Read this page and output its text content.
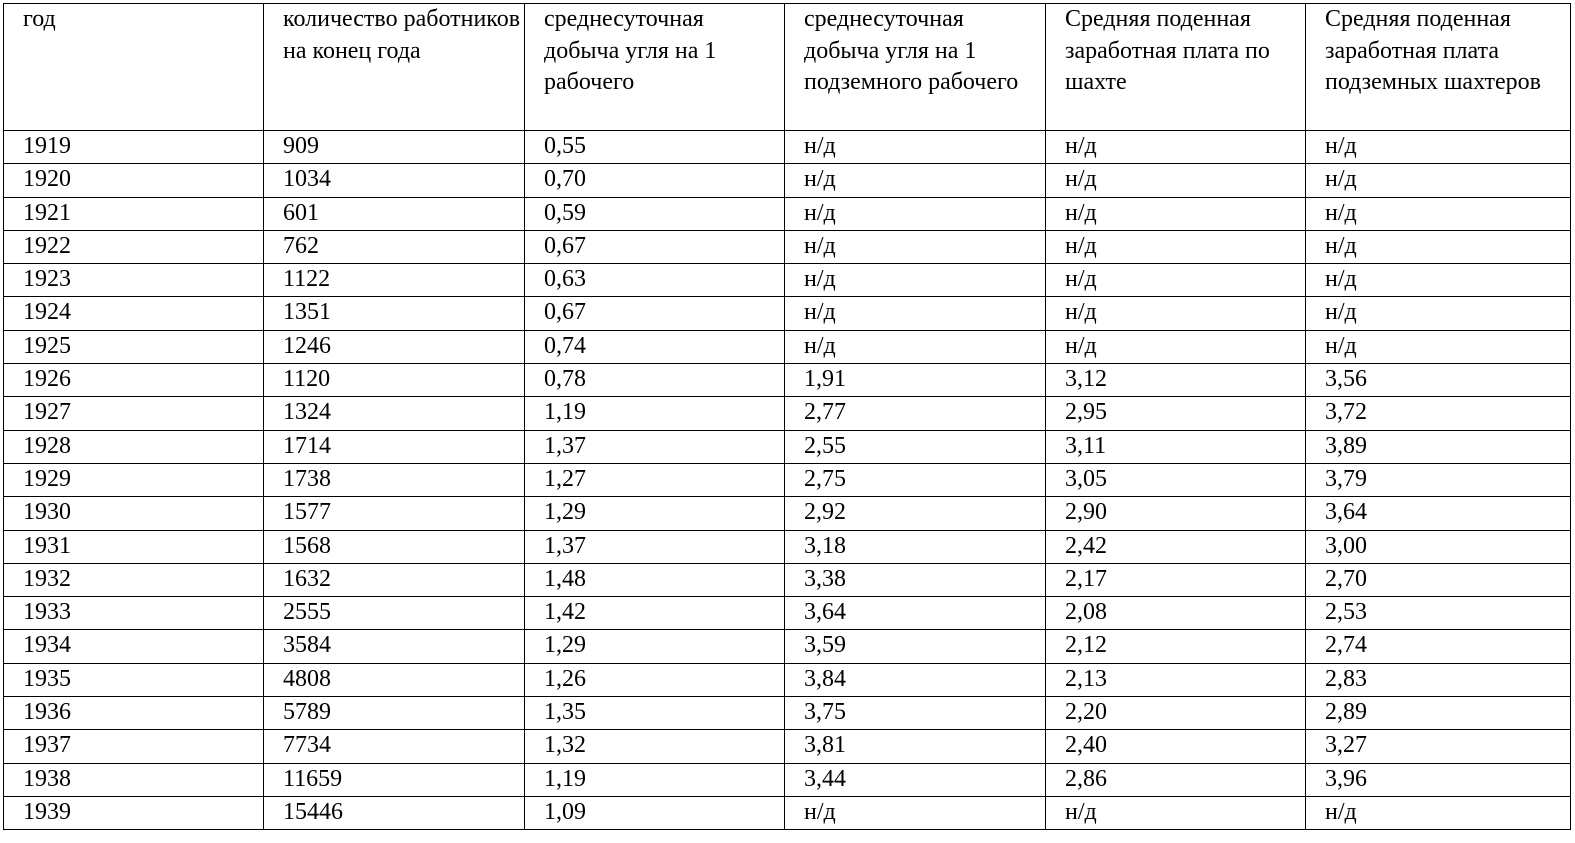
год	количество работников на конец года	среднесуточная добыча угля на 1 рабочего	среднесуточная добыча угля на 1 подземного рабочего	Средняя поденная заработная плата по шахте	Средняя поденная заработная плата подземных шахтеров
1919	909	0,55	н/д	н/д	н/д
1920	1034	0,70	н/д	н/д	н/д
1921	601	0,59	н/д	н/д	н/д
1922	762	0,67	н/д	н/д	н/д
1923	1122	0,63	н/д	н/д	н/д
1924	1351	0,67	н/д	н/д	н/д
1925	1246	0,74	н/д	н/д	н/д
1926	1120	0,78	1,91	3,12	3,56
1927	1324	1,19	2,77	2,95	3,72
1928	1714	1,37	2,55	3,11	3,89
1929	1738	1,27	2,75	3,05	3,79
1930	1577	1,29	2,92	2,90	3,64
1931	1568	1,37	3,18	2,42	3,00
1932	1632	1,48	3,38	2,17	2,70
1933	2555	1,42	3,64	2,08	2,53
1934	3584	1,29	3,59	2,12	2,74
1935	4808	1,26	3,84	2,13	2,83
1936	5789	1,35	3,75	2,20	2,89
1937	7734	1,32	3,81	2,40	3,27
1938	11659	1,19	3,44	2,86	3,96
1939	15446	1,09	н/д	н/д	н/д
